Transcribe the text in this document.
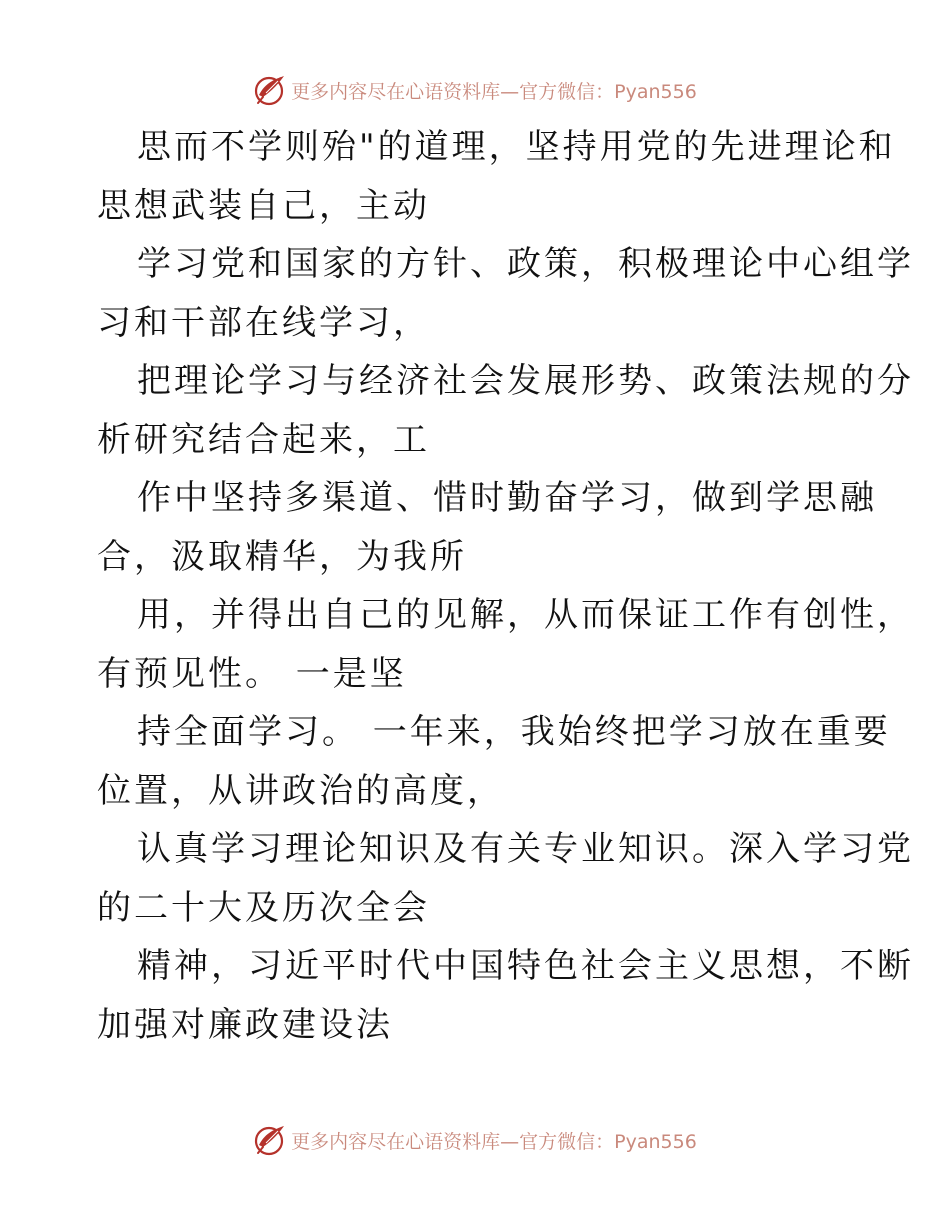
更多内容尽在心语资料库—官方微信：Pyan556
思而不学则殆"的道理，坚持用党的先进理论和
思想武装自己，主动
学习党和国家的方针、政策，积极理论中心组学
习和干部在线学习，
把理论学习与经济社会发展形势、政策法规的分
析研究结合起来，工
作中坚持多渠道、惜时勤奋学习，做到学思融
合，汲取精华，为我所
用，并得出自己的见解，从而保证工作有创性，
有预见性。 一是坚
持全面学习。 一年来，我始终把学习放在重要
位置，从讲政治的高度，
认真学习理论知识及有关专业知识。深入学习党
的二十大及历次全会
精神，习近平时代中国特色社会主义思想，不断
加强对廉政建设法
更多内容尽在心语资料库—官方微信：Pyan556
